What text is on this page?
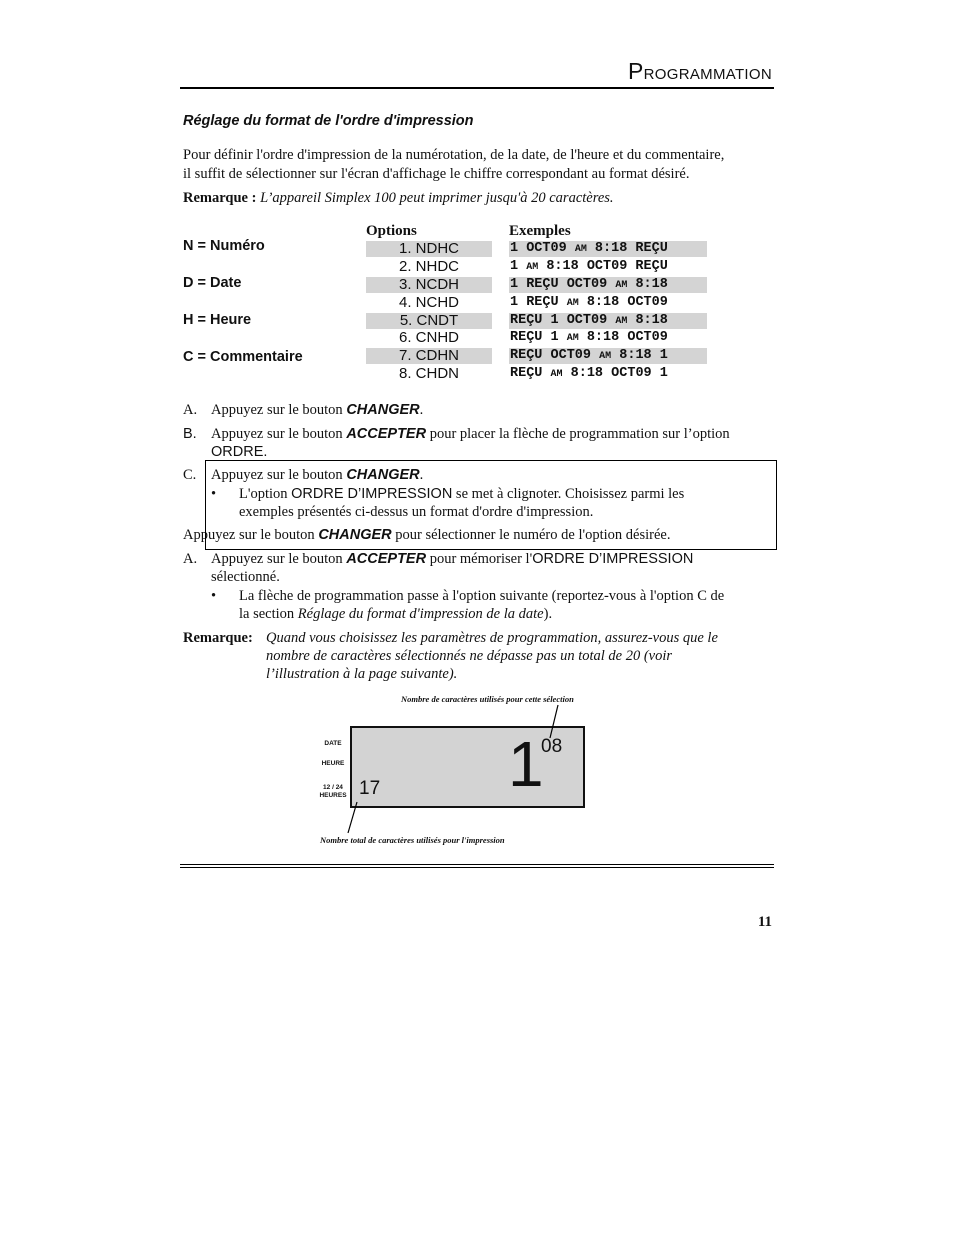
PROGRAMMATION
Réglage du format de l'ordre d'impression
Pour définir l'ordre d'impression de la numérotation, de la date, de l'heure et du commentaire,
il suffit de sélectionner sur l'écran d'affichage le chiffre correspondant au format désiré.
Remarque : L’appareil Simplex 100 peut imprimer jusqu'à 20 caractères.
N = Numéro
D = Date
H = Heure
C = Commentaire
Options	Exemples
1. NDHC
2. NHDC
3. NCDH
4. NCHD
5. CNDT
6. CNHD
7. CDHN
8. CHDN
1 OCT09 AM 8:18 REÇU
1 AM 8:18 OCT09 REÇU
1 REÇU OCT09 AM 8:18
1 REÇU AM 8:18 OCT09
REÇU 1 OCT09 AM 8:18
REÇU 1 AM 8:18 OCT09
REÇU OCT09 AM 8:18 1
REÇU AM 8:18 OCT09 1
A. Appuyez sur le bouton CHANGER.
B. Appuyez sur le bouton ACCEPTER pour placer la flèche de programmation sur l’option
ORDRE.
C. Appuyez sur le bouton CHANGER.
• L'option ORDRE D’IMPRESSION se met à clignoter. Choisissez parmi les
exemples présentés ci-dessus un format d'ordre d'impression.
Appuyez sur le bouton CHANGER pour sélectionner le numéro de l'option désirée.
A. Appuyez sur le bouton ACCEPTER pour mémoriser l'ORDRE D’IMPRESSION
sélectionné.
• La flèche de programmation passe à l'option suivante (reportez-vous à l'option C de
la section Réglage du format d'impression de la date).
Remarque: Quand vous choisissez les paramètres de programmation, assurez-vous que le
nombre de caractères sélectionnés ne dépasse pas un total de 20 (voir
l’illustration à la page suivante).
Nombre de caractères utilisés pour cette sélection
1
08
17
DATE
HEURE
12 / 24
HEURES
Nombre total de caractères utilisés pour l'impression
11
